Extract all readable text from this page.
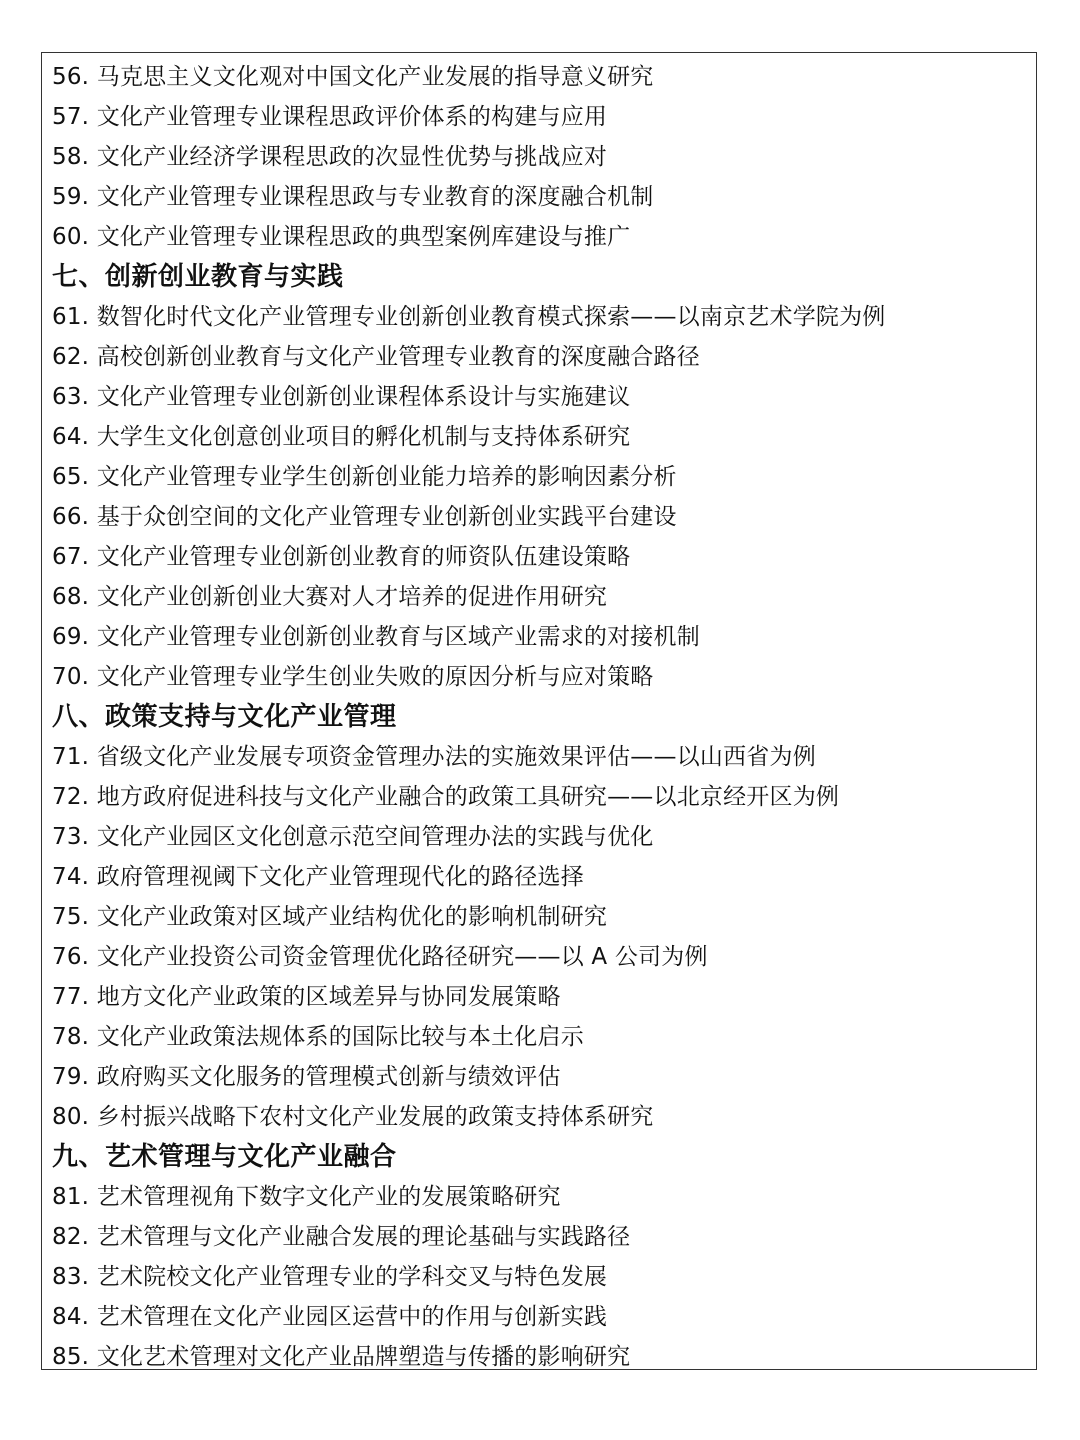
56. 马克思主义文化观对中国文化产业发展的指导意义研究
57. 文化产业管理专业课程思政评价体系的构建与应用
58. 文化产业经济学课程思政的次显性优势与挑战应对
59. 文化产业管理专业课程思政与专业教育的深度融合机制
60. 文化产业管理专业课程思政的典型案例库建设与推广
七、创新创业教育与实践
61. 数智化时代文化产业管理专业创新创业教育模式探索——以南京艺术学院为例
62. 高校创新创业教育与文化产业管理专业教育的深度融合路径
63. 文化产业管理专业创新创业课程体系设计与实施建议
64. 大学生文化创意创业项目的孵化机制与支持体系研究
65. 文化产业管理专业学生创新创业能力培养的影响因素分析
66. 基于众创空间的文化产业管理专业创新创业实践平台建设
67. 文化产业管理专业创新创业教育的师资队伍建设策略
68. 文化产业创新创业大赛对人才培养的促进作用研究
69. 文化产业管理专业创新创业教育与区域产业需求的对接机制
70. 文化产业管理专业学生创业失败的原因分析与应对策略
八、政策支持与文化产业管理
71. 省级文化产业发展专项资金管理办法的实施效果评估——以山西省为例
72. 地方政府促进科技与文化产业融合的政策工具研究——以北京经开区为例
73. 文化产业园区文化创意示范空间管理办法的实践与优化
74. 政府管理视阈下文化产业管理现代化的路径选择
75. 文化产业政策对区域产业结构优化的影响机制研究
76. 文化产业投资公司资金管理优化路径研究——以 A 公司为例
77. 地方文化产业政策的区域差异与协同发展策略
78. 文化产业政策法规体系的国际比较与本土化启示
79. 政府购买文化服务的管理模式创新与绩效评估
80. 乡村振兴战略下农村文化产业发展的政策支持体系研究
九、艺术管理与文化产业融合
81. 艺术管理视角下数字文化产业的发展策略研究
82. 艺术管理与文化产业融合发展的理论基础与实践路径
83. 艺术院校文化产业管理专业的学科交叉与特色发展
84. 艺术管理在文化产业园区运营中的作用与创新实践
85. 文化艺术管理对文化产业品牌塑造与传播的影响研究
